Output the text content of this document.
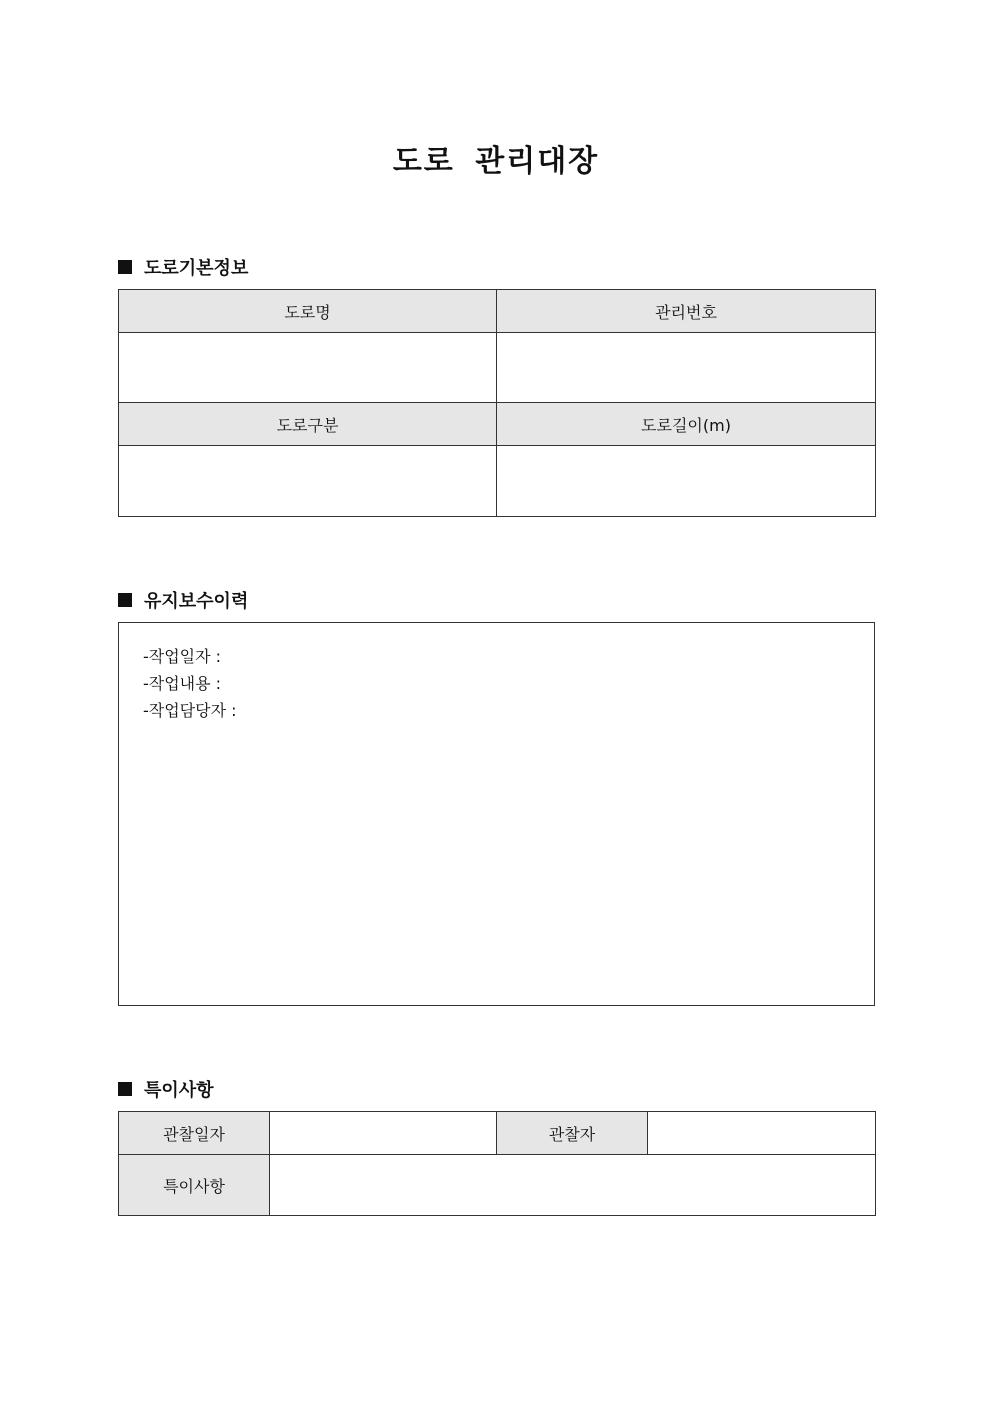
도로 관리대장
도로기본정보
도로명	관리번호

도로구분	도로길이(m)

유지보수이력
-작업일자 :
-작업내용 :
-작업담당자 :
특이사항
관찰일자		관찰자	
특이사항			
